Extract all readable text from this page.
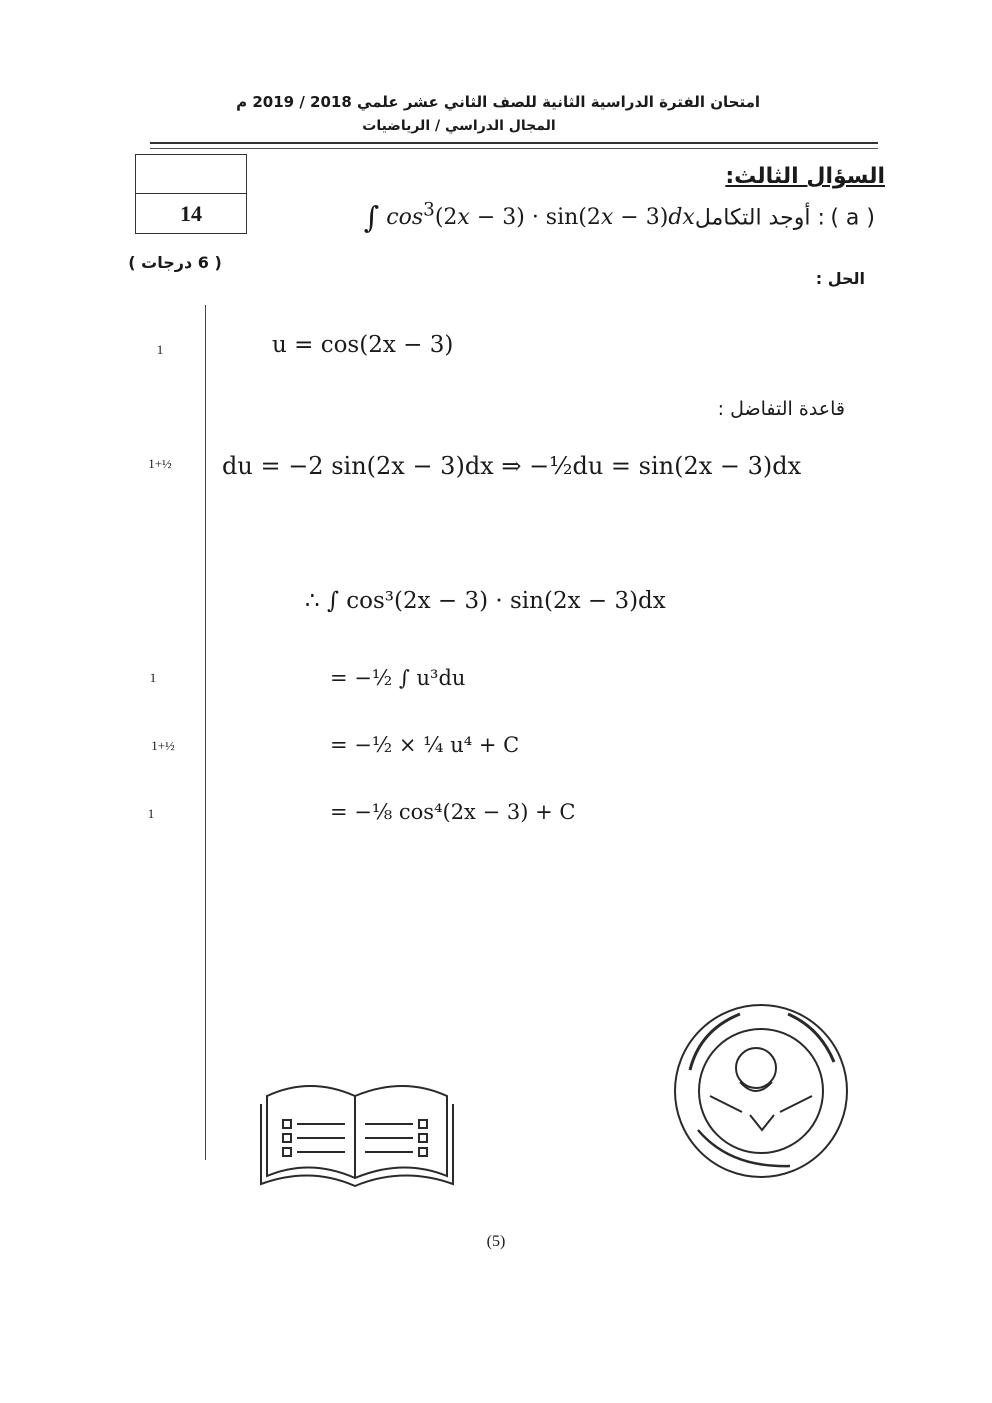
امتحان الفترة الدراسية الثانية للصف الثاني عشر علمي 2018 / 2019 م
المجال الدراسي / الرياضيات
14
السؤال الثالث:
∫ $\cos^3(2x - 3) \cdot \sin(2x$ − 3)dxأوجد التكامل : ( a )
( 6 درجات )
الحل :
1
1+½
1
1+½
1
u = cos(2x − 3)
قاعدة التفاضل :
du = −2 sin(2x − 3)dx ⇒ −½du = sin(2x − 3)dx
∴ ∫ cos³(2x − 3) · sin(2x − 3)dx
= −½ ∫ u³du
= −½ × ¼ u⁴ + C
= −⅛ cos⁴(2x − 3) + C
(5)
